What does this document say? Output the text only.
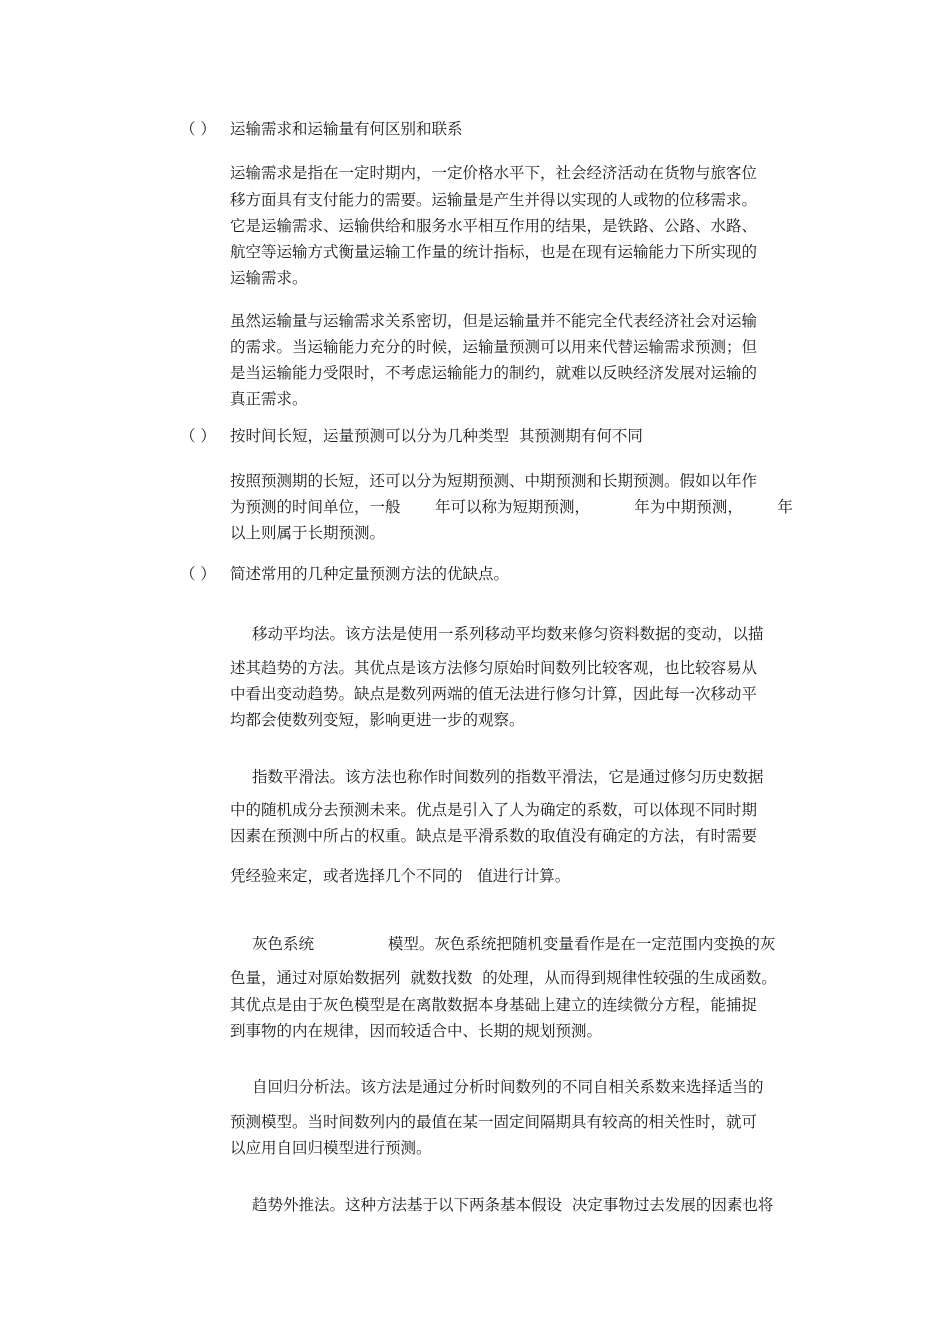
（ ） 运输需求和运输量有何区别和联系
运输需求是指在一定时期内，一定价格水平下，社会经济活动在货物与旅客位
移方面具有支付能力的需要。运输量是产生并得以实现的人或物的位移需求。
它是运输需求、运输供给和服务水平相互作用的结果，是铁路、公路、水路、
航空等运输方式衡量运输工作量的统计指标，也是在现有运输能力下所实现的
运输需求。
虽然运输量与运输需求关系密切，但是运输量并不能完全代表经济社会对运输
的需求。当运输能力充分的时候，运输量预测可以用来代替运输需求预测；但
是当运输能力受限时，不考虑运输能力的制约，就难以反映经济发展对运输的
真正需求。
（ ） 按时间长短，运量预测可以分为几种类型  其预测期有何不同
按照预测期的长短，还可以分为短期预测、中期预测和长期预测。假如以年作
为预测的时间单位，一般       年可以称为短期预测，         年为中期预测，       年
以上则属于长期预测。
（ ） 简述常用的几种定量预测方法的优缺点。
移动平均法。该方法是使用一系列移动平均数来修匀资料数据的变动，以描
述其趋势的方法。其优点是该方法修匀原始时间数列比较客观，也比较容易从
中看出变动趋势。缺点是数列两端的值无法进行修匀计算，因此每一次移动平
均都会使数列变短，影响更进一步的观察。
指数平滑法。该方法也称作时间数列的指数平滑法，它是通过修匀历史数据
中的随机成分去预测未来。优点是引入了人为确定的系数，可以体现不同时期
因素在预测中所占的权重。缺点是平滑系数的取值没有确定的方法，有时需要
凭经验来定，或者选择几个不同的   值进行计算。
灰色系统               模型。灰色系统把随机变量看作是在一定范围内变换的灰
色量，通过对原始数据列  就数找数  的处理，从而得到规律性较强的生成函数。
其优点是由于灰色模型是在离散数据本身基础上建立的连续微分方程，能捕捉
到事物的内在规律，因而较适合中、长期的规划预测。
自回归分析法。该方法是通过分析时间数列的不同自相关系数来选择适当的
预测模型。当时间数列内的最值在某一固定间隔期具有较高的相关性时，就可
以应用自回归模型进行预测。
趋势外推法。这种方法基于以下两条基本假设  决定事物过去发展的因素也将
